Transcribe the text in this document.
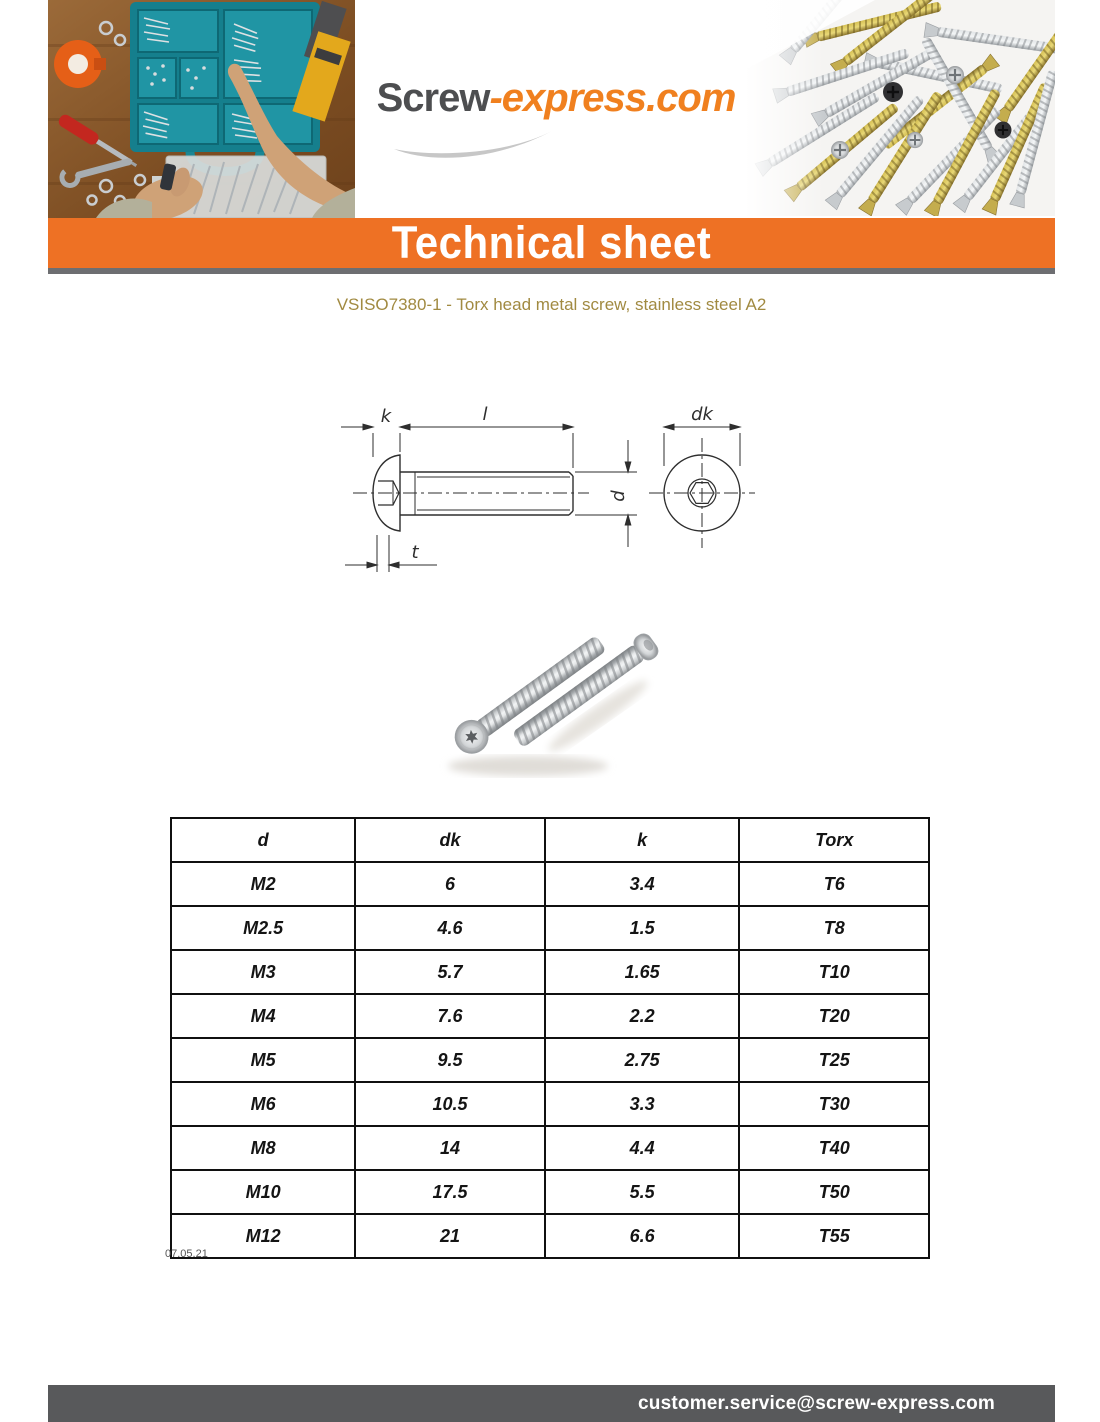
Screw-express.com
Technical sheet
VSISO7380-1 - Torx head metal screw, stainless steel A2
k	l	dk
d
t
d	dk	k	Torx
M2	6	3.4	T6
M2.5	4.6	1.5	T8
M3	5.7	1.65	T10
M4	7.6	2.2	T20
M5	9.5	2.75	T25
M6	10.5	3.3	T30
M8	14	4.4	T40
M10	17.5	5.5	T50
M12	21	6.6	T55
07.05.21
customer.service@screw-express.com
